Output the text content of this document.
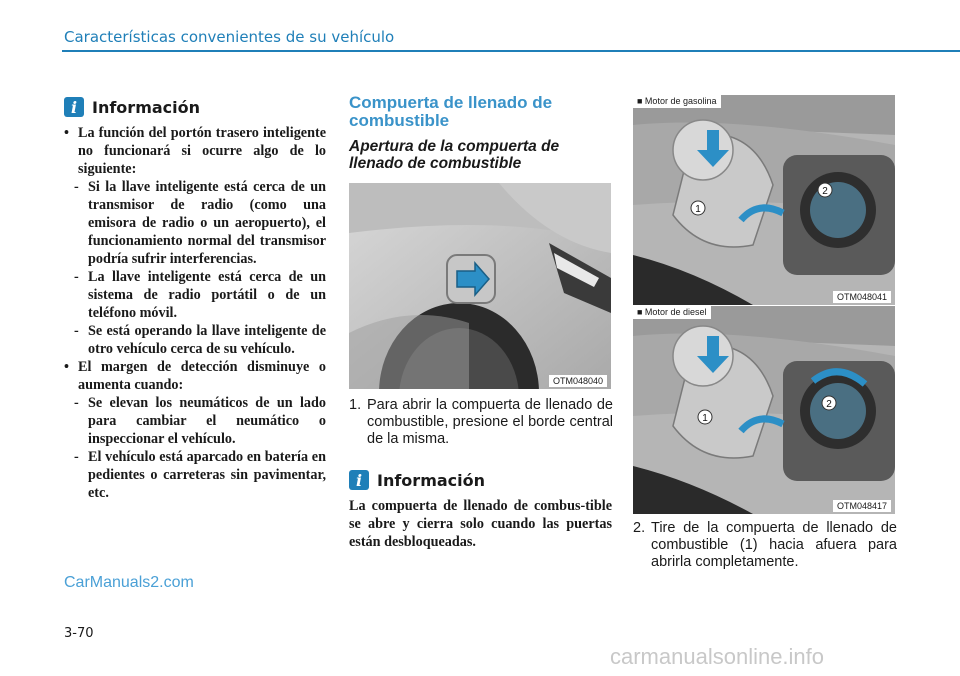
Características convenientes de su vehículo
i Información
• La función del portón trasero inteligente no funcionará si ocurre algo de lo siguiente:
- Si la llave inteligente está cerca de un transmisor de radio (como una emisora de radio o un aeropuerto), el funcionamiento normal del transmisor podría sufrir interferencias.
- La llave inteligente está cerca de un sistema de radio portátil o de un teléfono móvil.
- Se está operando la llave inteligente de otro vehículo cerca de su vehículo.
• El margen de detección disminuye o aumenta cuando:
- Se elevan los neumáticos de un lado para cambiar el neumático o inspeccionar el vehículo.
- El vehículo está aparcado en batería en pedientes o carreteras sin pavimentar, etc.
Compuerta de llenado de combustible
Apertura de la compuerta de llenado de combustible
OTM048040
1. Para abrir la compuerta de llenado de combustible, presione el borde central de la misma.
i Información
La compuerta de llenado de combus-tible se abre y cierra solo cuando las puertas están desbloqueadas.
1
2
■ Motor de gasolina
OTM048041
1
2
■ Motor de diesel
OTM048417
2. Tire de la compuerta de llenado de combustible (1) hacia afuera para abrirla completamente.
CarManuals2.com
3-70
carmanualsonline.info
